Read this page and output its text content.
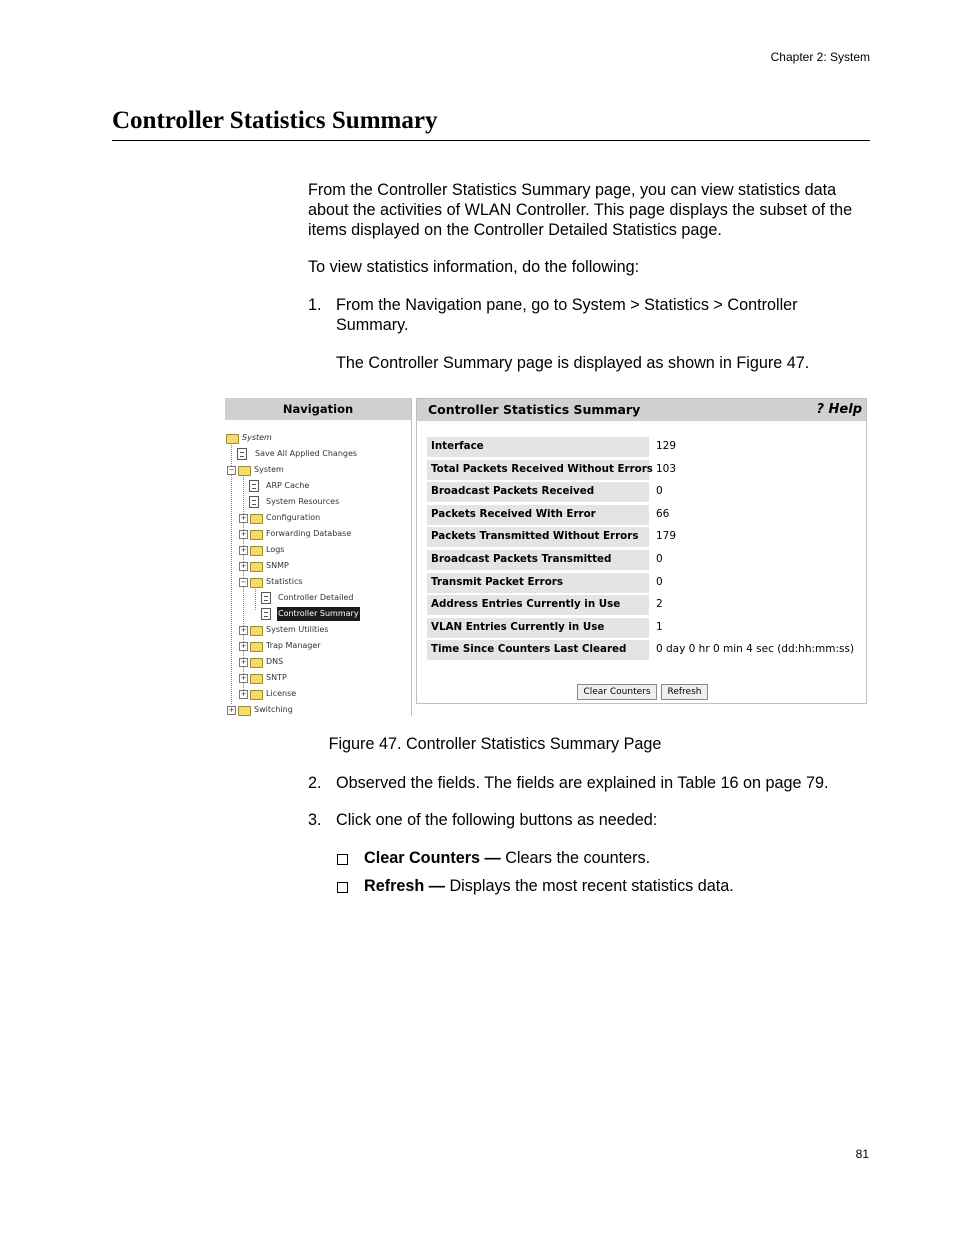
Chapter 2: System
Controller Statistics Summary
From the Controller Statistics Summary page, you can view statistics data about the activities of WLAN Controller. This page displays the subset of the items displayed on the Controller Detailed Statistics page.
To view statistics information, do the following:
1. From the Navigation pane, go to System > Statistics > Controller Summary.
The Controller Summary page is displayed as shown in Figure 47.
Navigation
System
Save All Applied Changes
− System
ARP Cache
System Resources
+ Configuration
+ Forwarding Database
+ Logs
+ SNMP
− Statistics
Controller Detailed
Controller Summary
+ System Utilities
+ Trap Manager
+ DNS
+ SNTP
+ License
+ Switching
Controller Statistics Summary	? Help
Interface	129
Total Packets Received Without Errors 103
Broadcast Packets Received	0
Packets Received With Error	66
Packets Transmitted Without Errors	179
Broadcast Packets Transmitted	0
Transmit Packet Errors	0
Address Entries Currently in Use	2
VLAN Entries Currently in Use	1
Time Since Counters Last Cleared	0 day 0 hr 0 min 4 sec (dd:hh:mm:ss)
Clear Counters	Refresh
Figure 47. Controller Statistics Summary Page
2. Observed the fields. The fields are explained in Table 16 on page 79.
3. Click one of the following buttons as needed:
Clear Counters — Clears the counters.
Refresh — Displays the most recent statistics data.
81
